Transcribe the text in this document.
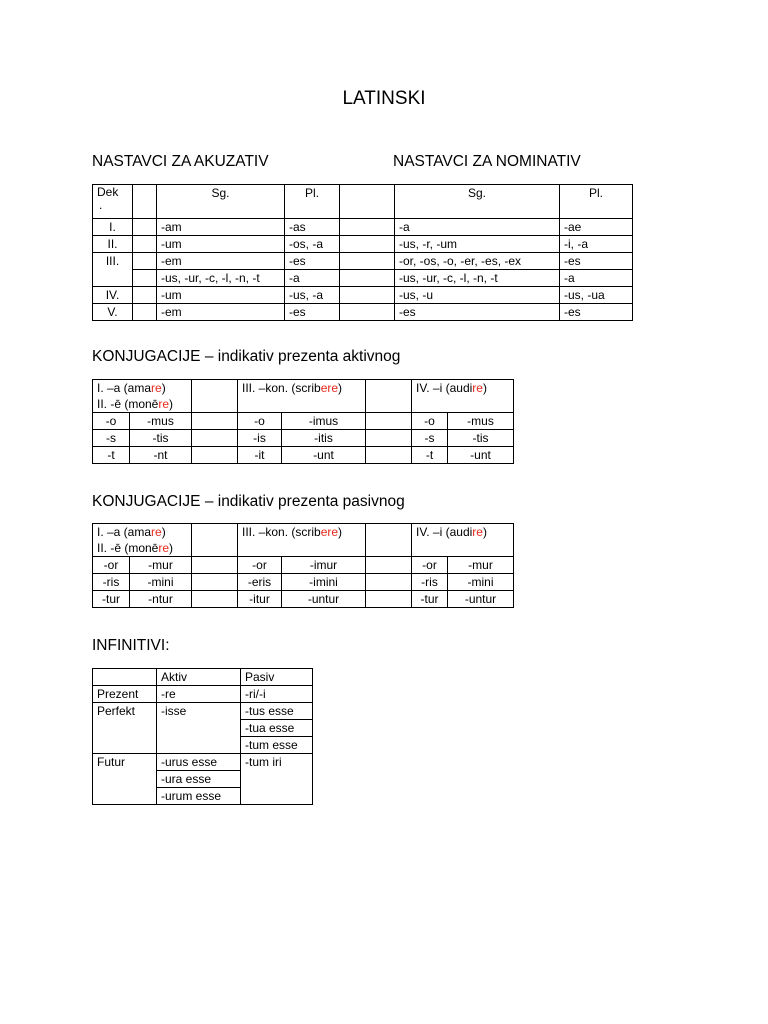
LATINSKI
NASTAVCI ZA AKUZATIV	NASTAVCI ZA NOMINATIV
Dek

.		Sg.	Pl.		Sg.	Pl.
I.		-am	-as		-a	-ae
II.		-um	-os, -a		-us, -r, -um	-i, -a
III.		-em	-es		-or, -os, -o, -er, -es, -ex	-es
		-us, -ur, -c, -l, -n, -t	-a		-us, -ur, -c, -l, -n, -t	-a
IV.		-um	-us, -a		-us, -u	-us, -ua
V.		-em	-es		-es	-es
KONJUGACIJE – indikativ prezenta aktivnog
I. –a (amare)
II. -ē (monēre)			III. –kon. (scribere)			IV. –i (audire)	
-o	-mus		-o	-imus		-o	-mus
-s	-tis		-is	-itis		-s	-tis
-t	-nt		-it	-unt		-t	-unt
KONJUGACIJE – indikativ prezenta pasivnog
I. –a (amare)
II. -ē (monēre)			III. –kon. (scribere)			IV. –i (audire)	
-or	-mur		-or	-imur		-or	-mur
-ris	-mini		-eris	-imini		-ris	-mini
-tur	-ntur		-itur	-untur		-tur	-untur
INFINITIVI:
	Aktiv	Pasiv
Prezent	-re	-ri/-i
Perfekt	-isse	-tus esse
		-tua esse
		-tum esse
Futur	-urus esse	-tum iri
	-ura esse	
	-urum esse	
